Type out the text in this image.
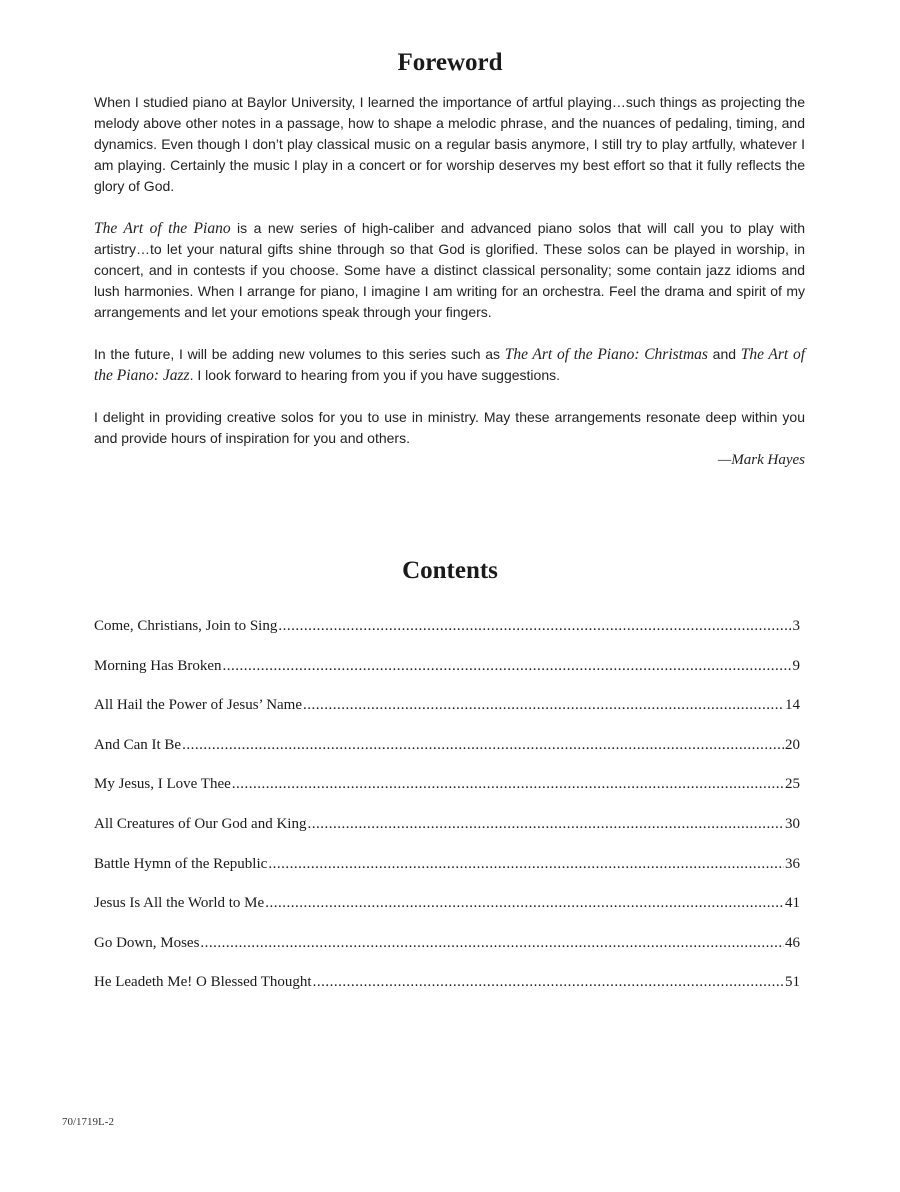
Foreword

When I studied piano at Baylor University, I learned the importance of artful playing…such things as projecting the melody above other notes in a passage, how to shape a melodic phrase, and the nuances of pedaling, timing, and dynamics. Even though I don’t play classical music on a regular basis anymore, I still try to play artfully, whatever I am playing. Certainly the music I play in a concert or for worship deserves my best effort so that it fully reflects the glory of God.

The Art of the Piano is a new series of high-caliber and advanced piano solos that will call you to play with artistry…to let your natural gifts shine through so that God is glorified. These solos can be played in worship, in concert, and in contests if you choose. Some have a distinct classical personality; some contain jazz idioms and lush harmonies. When I arrange for piano, I imagine I am writing for an orchestra. Feel the drama and spirit of my arrangements and let your emotions speak through your fingers.

In the future, I will be adding new volumes to this series such as The Art of the Piano: Christmas and The Art of the Piano: Jazz. I look forward to hearing from you if you have suggestions.

I delight in providing creative solos for you to use in ministry. May these arrangements resonate deep within you and provide hours of inspiration for you and others.

—Mark Hayes
Contents
Come, Christians, Join to Sing .....	3
Morning Has Broken .....	9
All Hail the Power of Jesus’ Name .....	14
And Can It Be .....	20
My Jesus, I Love Thee .....	25
All Creatures of Our God and King .....	30
Battle Hymn of the Republic .....	36
Jesus Is All the World to Me .....	41
Go Down, Moses .....	46
He Leadeth Me! O Blessed Thought .....	51
70/1719L-2
